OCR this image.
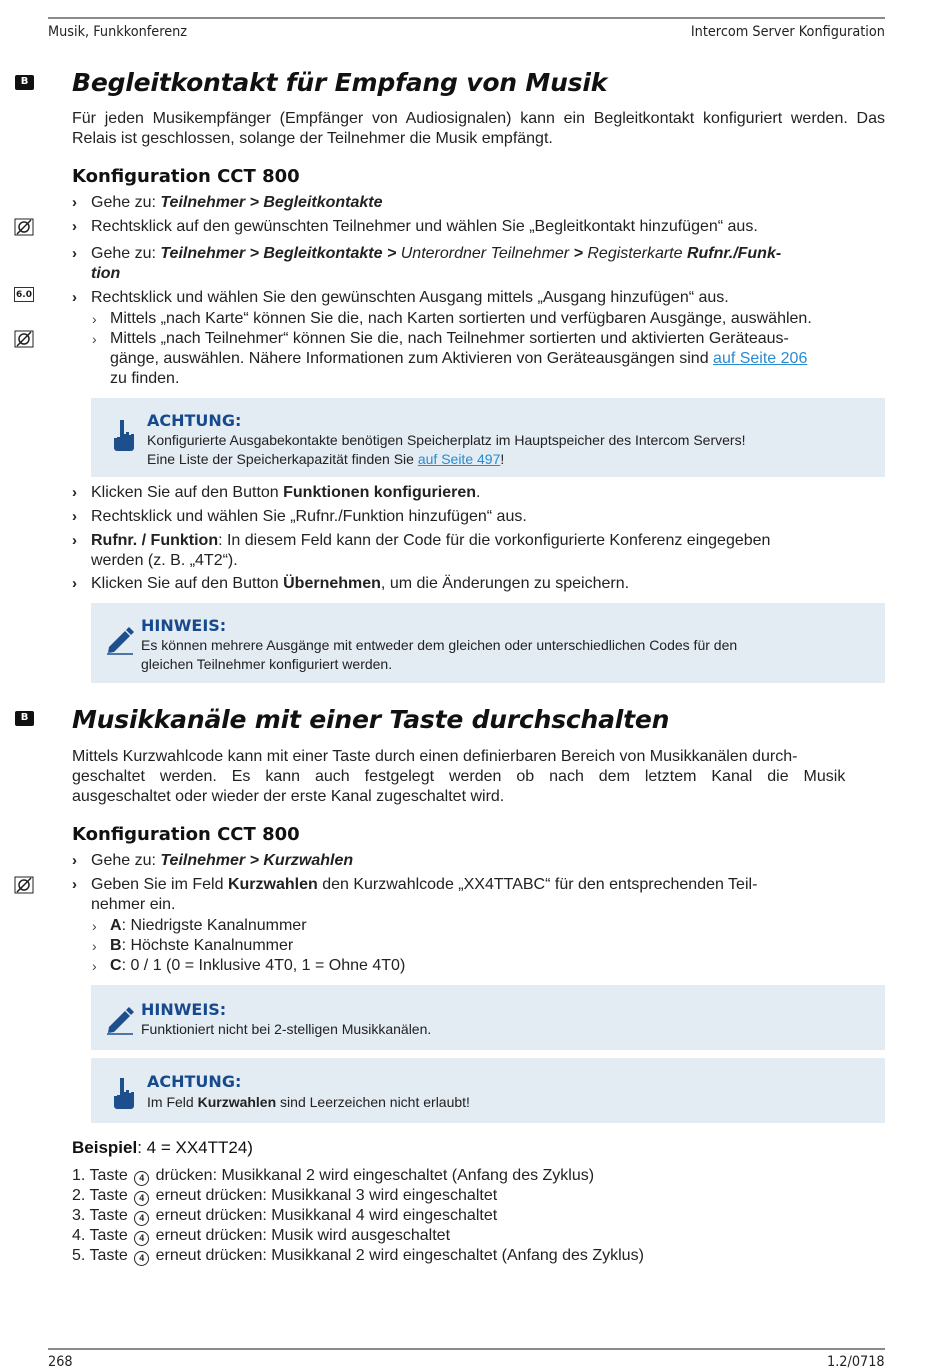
Musik, Funkkonferenz	Intercom Server Konfiguration
B Begleitkontakt für Empfang von Musik
Für jeden Musikempfänger (Empfänger von Audiosignalen) kann ein Begleitkontakt konfiguriert werden. Das Relais ist geschlossen, solange der Teilnehmer die Musik empfängt.
Konfiguration CCT 800
› Gehe zu: Teilnehmer > Begleitkontakte
› Rechtsklick auf den gewünschten Teilnehmer und wählen Sie „Begleitkontakt hinzufügen“ aus.
› Gehe zu: Teilnehmer > Begleitkontakte > Unterordner Teilnehmer > Registerkarte Rufnr./Funk-
tion
6.0	› Rechtsklick und wählen Sie den gewünschten Ausgang mittels „Ausgang hinzufügen“ aus.
› Mittels „nach Karte“ können Sie die, nach Karten sortierten und verfügbaren Ausgänge, auswählen.
› Mittels „nach Teilnehmer“ können Sie die, nach Teilnehmer sortierten und aktivierten Geräteaus-
gänge, auswählen. Nähere Informationen zum Aktivieren von Geräteausgängen sind auf Seite 206
zu finden.
ACHTUNG:
Konfigurierte Ausgabekontakte benötigen Speicherplatz im Hauptspeicher des Intercom Servers!
Eine Liste der Speicherkapazität finden Sie auf Seite 497!
› Klicken Sie auf den Button Funktionen konfigurieren.
› Rechtsklick und wählen Sie „Rufnr./Funktion hinzufügen“ aus.
› Rufnr. / Funktion: In diesem Feld kann der Code für die vorkonfigurierte Konferenz eingegeben
werden (z. B. „4T2“).
› Klicken Sie auf den Button Übernehmen, um die Änderungen zu speichern.
HINWEIS:
Es können mehrere Ausgänge mit entweder dem gleichen oder unterschiedlichen Codes für den
gleichen Teilnehmer konfiguriert werden.
B Musikkanäle mit einer Taste durchschalten
Mittels Kurzwahlcode kann mit einer Taste durch einen definierbaren Bereich von Musikkanälen durch-
geschaltet werden. Es kann auch festgelegt werden ob nach dem letztem Kanal die Musik
ausgeschaltet oder wieder der erste Kanal zugeschaltet wird.
Konfiguration CCT 800
› Gehe zu: Teilnehmer > Kurzwahlen
› Geben Sie im Feld Kurzwahlen den Kurzwahlcode „XX4TTABC“ für den entsprechenden Teil-
nehmer ein.
› A: Niedrigste Kanalnummer
› B: Höchste Kanalnummer
› C: 0 / 1 (0 = Inklusive 4T0, 1 = Ohne 4T0)
HINWEIS:
Funktioniert nicht bei 2-stelligen Musikkanälen.
ACHTUNG:
Im Feld Kurzwahlen sind Leerzeichen nicht erlaubt!
Beispiel: 4 = XX4TT24)
1. Taste 4 drücken: Musikkanal 2 wird eingeschaltet (Anfang des Zyklus)
2. Taste 4 erneut drücken: Musikkanal 3 wird eingeschaltet
3. Taste 4 erneut drücken: Musikkanal 4 wird eingeschaltet
4. Taste 4 erneut drücken: Musik wird ausgeschaltet
5. Taste 4 erneut drücken: Musikkanal 2 wird eingeschaltet (Anfang des Zyklus)
268	1.2/0718
